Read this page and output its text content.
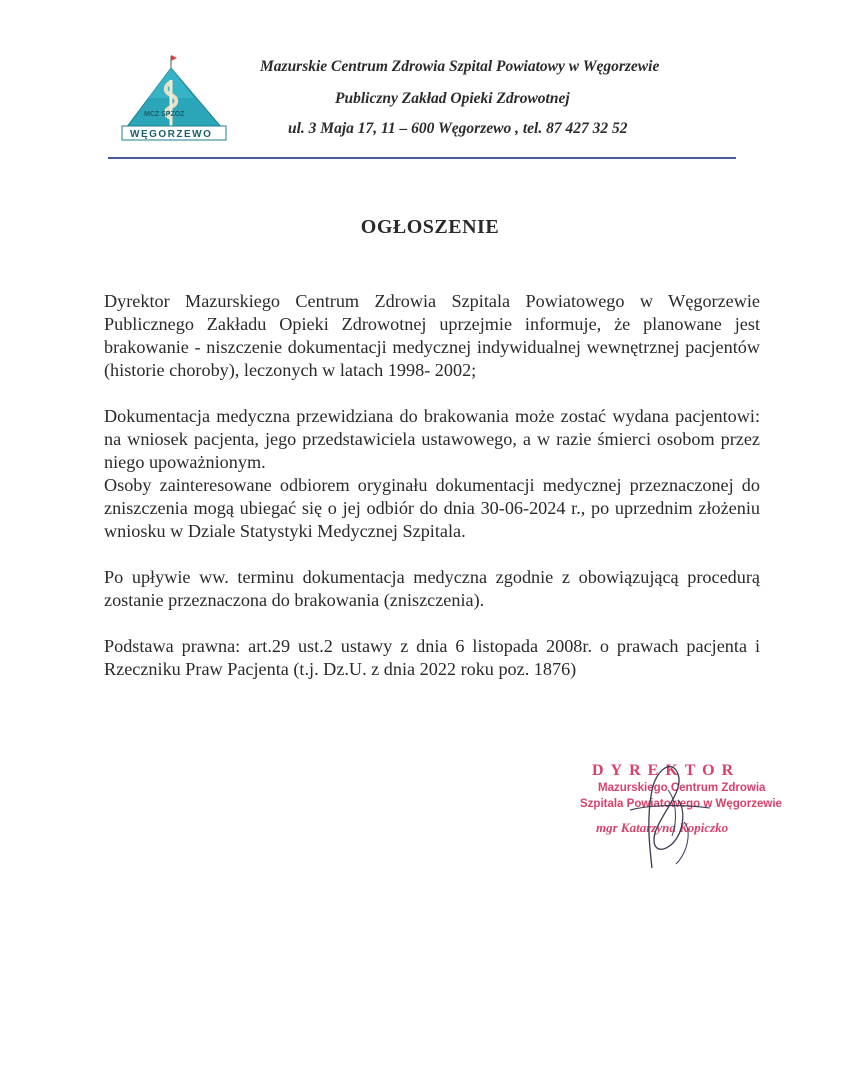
MCZ SPZOZ
WĘGORZEWO
Mazurskie Centrum Zdrowia Szpital Powiatowy w Węgorzewie
Publiczny Zakład Opieki Zdrowotnej
ul. 3 Maja 17, 11 – 600 Węgorzewo , tel. 87 427 32 52
OGŁOSZENIE

Dyrektor Mazurskiego Centrum Zdrowia Szpitala Powiatowego w Węgorzewie Publicznego Zakładu Opieki Zdrowotnej uprzejmie informuje, że planowane jest brakowanie - niszczenie dokumentacji medycznej indywidualnej wewnętrznej pacjentów (historie choroby), leczonych w latach 1998- 2002;

Dokumentacja medyczna przewidziana do brakowania może zostać wydana pacjentowi: na wniosek pacjenta, jego przedstawiciela ustawowego, a w razie śmierci osobom przez niego upoważnionym.

Osoby zainteresowane odbiorem oryginału dokumentacji medycznej przeznaczonej do zniszczenia mogą ubiegać się o jej odbiór do dnia 30-06-2024 r., po uprzednim złożeniu wniosku w Dziale Statystyki Medycznej Szpitala.

Po upływie ww. terminu dokumentacja medyczna zgodnie z obowiązującą procedurą zostanie przeznaczona do brakowania (zniszczenia).

Podstawa prawna: art.29 ust.2 ustawy z dnia 6 listopada 2008r. o prawach pacjenta i Rzeczniku Praw Pacjenta (t.j. Dz.U. z dnia 2022 roku poz. 1876)

DYREKTOR
Mazurskiego Centrum Zdrowia
Szpitala Powiatowego w Węgorzewie
mgr Katarzyna Kopiczko
